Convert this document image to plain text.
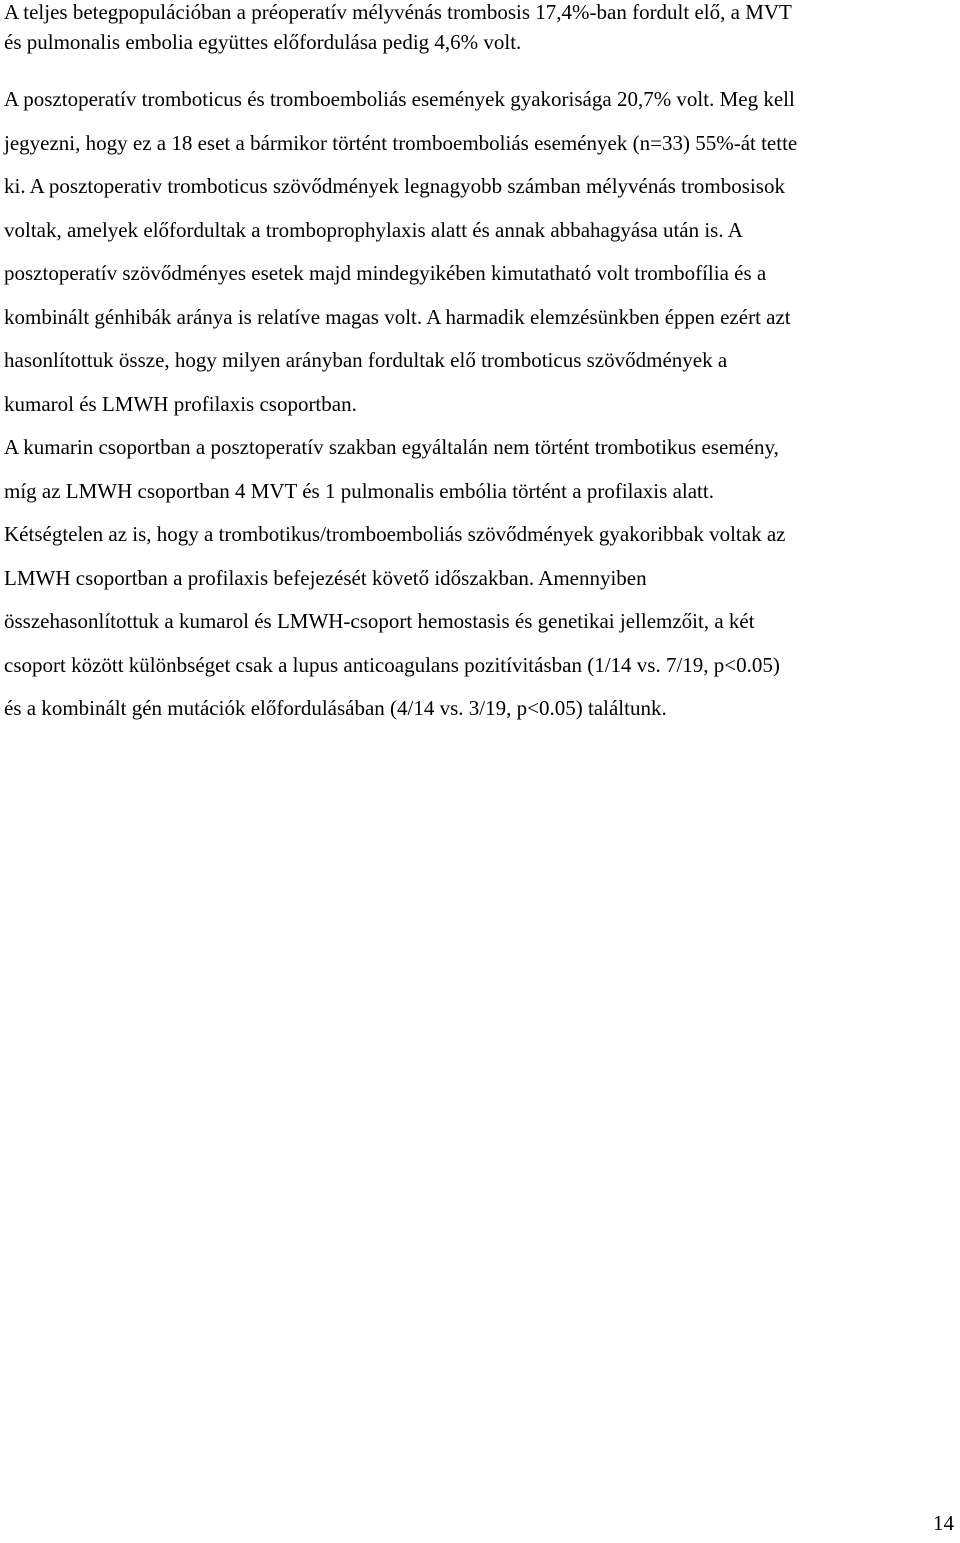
A teljes betegpopulációban a préoperatív mélyvénás trombosis 17,4%-ban fordult elő, a MVT
és pulmonalis embolia együttes előfordulása pedig 4,6% volt.

A posztoperatív tromboticus és tromboemboliás események gyakorisága 20,7% volt. Meg kell
jegyezni, hogy ez a 18 eset a bármikor történt tromboemboliás események (n=33) 55%-át tette
ki. A posztoperativ tromboticus szövődmények legnagyobb számban mélyvénás trombosisok
voltak, amelyek előfordultak a tromboprophylaxis alatt és annak abbahagyása után is. A
posztoperatív szövődményes esetek majd mindegyikében kimutatható volt trombofília és a
kombinált génhibák aránya is relatíve magas volt. A harmadik elemzésünkben éppen ezért azt
hasonlítottuk össze, hogy milyen arányban fordultak elő tromboticus szövődmények a
kumarol és LMWH profilaxis csoportban.
A kumarin csoportban a posztoperatív szakban egyáltalán nem történt trombotikus esemény,
míg az LMWH csoportban 4 MVT és 1 pulmonalis embólia történt a profilaxis alatt.
Kétségtelen az is, hogy a trombotikus/tromboemboliás szövődmények gyakoribbak voltak az
LMWH csoportban a profilaxis befejezését követő időszakban. Amennyiben
összehasonlítottuk a kumarol és LMWH-csoport hemostasis és genetikai jellemzőit, a két
csoport között különbséget csak a lupus anticoagulans pozitívitásban (1/14 vs. 7/19, p<0.05)
és a kombinált gén mutációk előfordulásában (4/14 vs. 3/19, p<0.05) találtunk.

14
